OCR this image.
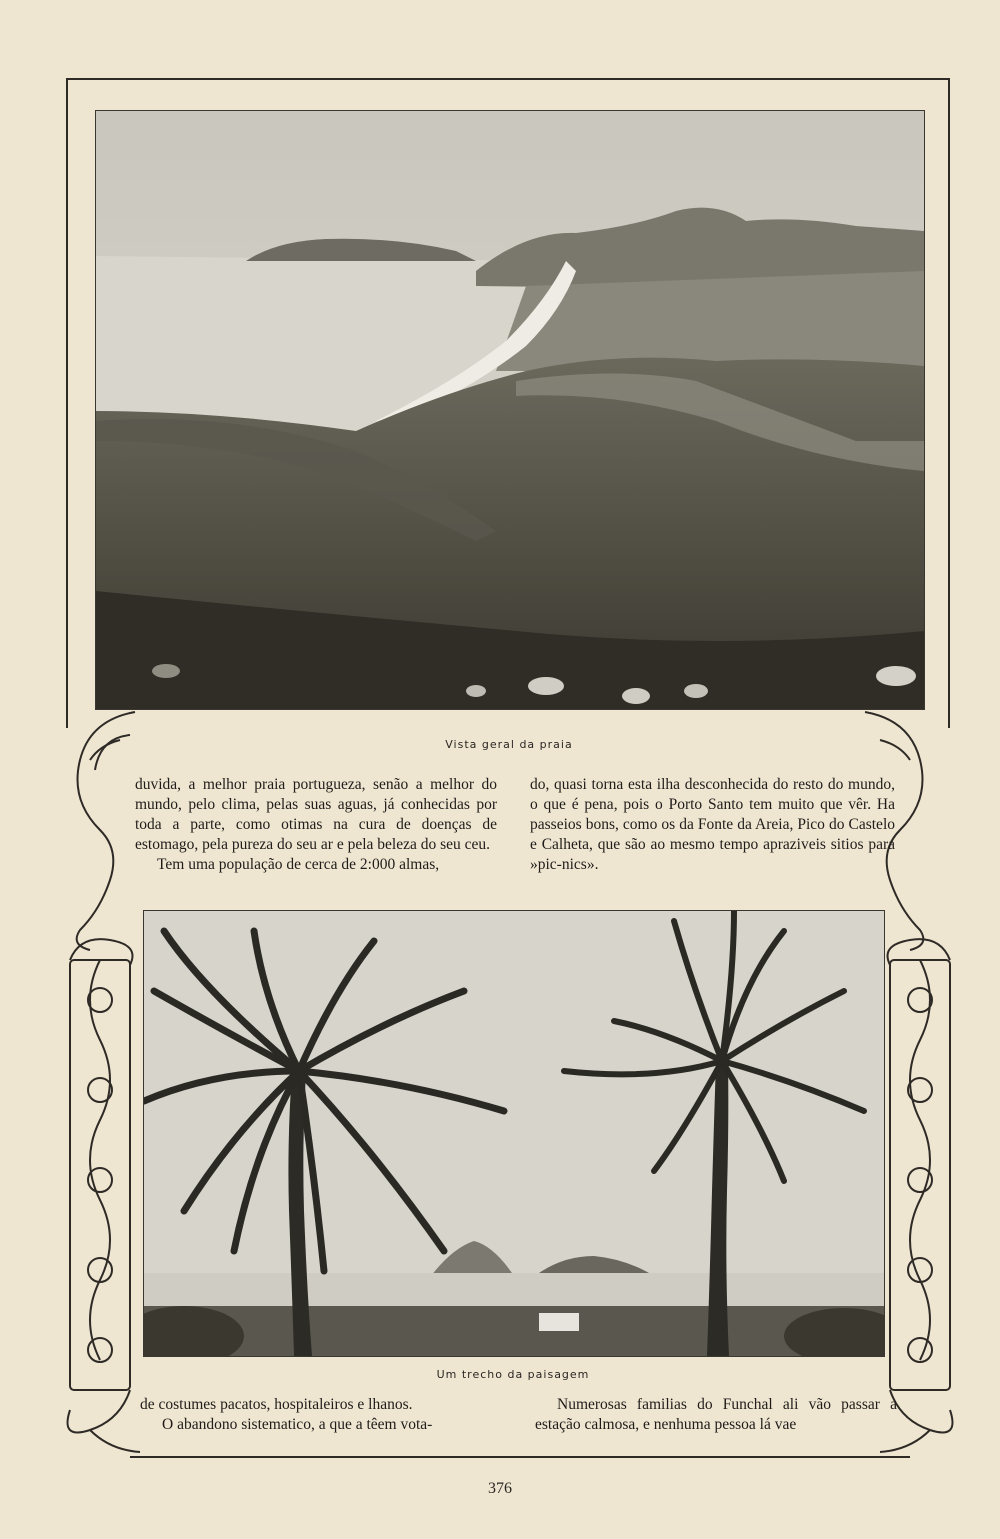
Vista geral da praia

duvida, a melhor praia portugueza, senão a melhor do mundo, pelo clima, pelas suas aguas, já conhecidas por toda a parte, como otimas na cura de doenças de estomago, pela pureza do seu ar e pela beleza do seu ceu.

Tem uma população de cerca de 2:000 almas,

do, quasi torna esta ilha desconhecida do resto do mundo, o que é pena, pois o Porto Santo tem muito que vêr. Ha passeios bons, como os da Fonte da Areia, Pico do Castelo e Calheta, que são ao mesmo tempo apraziveis sitios para »pic-nics».

Um trecho da paisagem

de costumes pacatos, hospitaleiros e lhanos.

O abandono sistematico, a que a têem vota-

Numerosas familias do Funchal ali vão passar a estação calmosa, e nenhuma pessoa lá vae

376
